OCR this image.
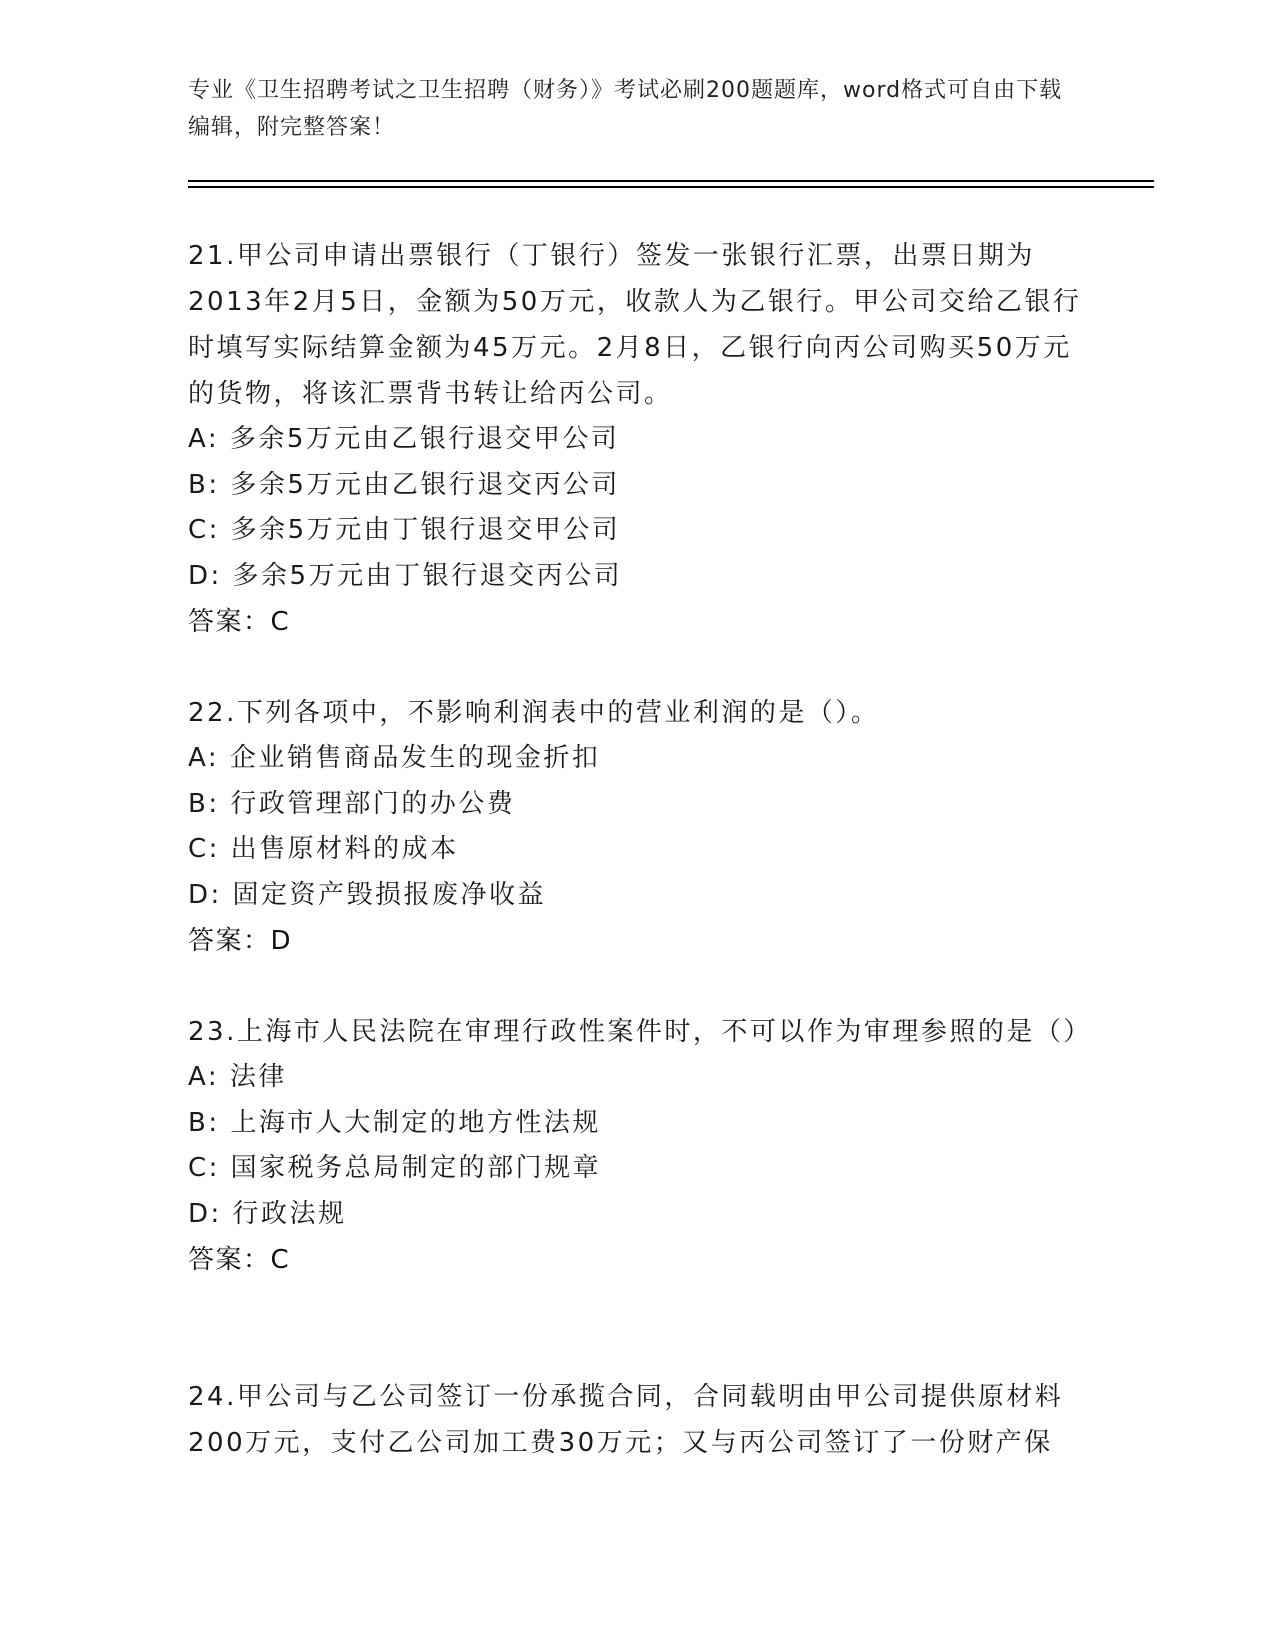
专业《卫生招聘考试之卫生招聘（财务）》考试必刷200题题库，word格式可自由下载编辑，附完整答案！
21.甲公司申请出票银行（丁银行）签发一张银行汇票，出票日期为2013年2月5日，金额为50万元，收款人为乙银行。甲公司交给乙银行时填写实际结算金额为45万元。2月8日，乙银行向丙公司购买50万元的货物，将该汇票背书转让给丙公司。
A: 多余5万元由乙银行退交甲公司
B: 多余5万元由乙银行退交丙公司
C: 多余5万元由丁银行退交甲公司
D: 多余5万元由丁银行退交丙公司
答案：C
22.下列各项中，不影响利润表中的营业利润的是（）。
A: 企业销售商品发生的现金折扣
B: 行政管理部门的办公费
C: 出售原材料的成本
D: 固定资产毁损报废净收益
答案：D
23.上海市人民法院在审理行政性案件时，不可以作为审理参照的是（）
A: 法律
B: 上海市人大制定的地方性法规
C: 国家税务总局制定的部门规章
D: 行政法规
答案：C
24.甲公司与乙公司签订一份承揽合同，合同载明由甲公司提供原材料200万元，支付乙公司加工费30万元；又与丙公司签订了一份财产保
